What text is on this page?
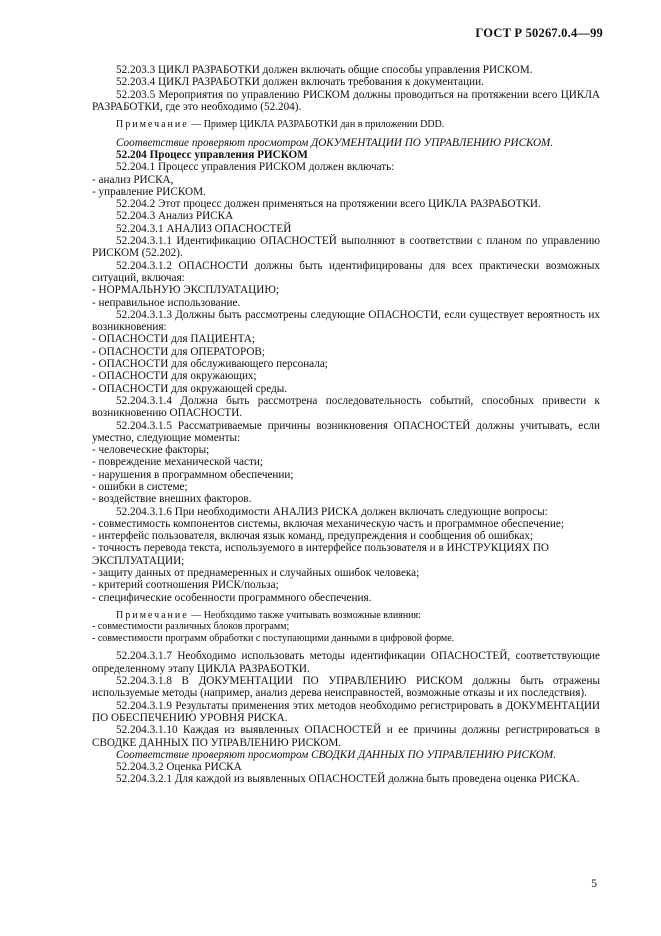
ГОСТ Р 50267.0.4—99

52.203.3 ЦИКЛ РАЗРАБОТКИ должен включать общие способы управления РИСКОМ.

52.203.4 ЦИКЛ РАЗРАБОТКИ должен включать требования к документации.

52.203.5 Мероприятия по управлению РИСКОМ должны проводиться на протяжении всего ЦИКЛА РАЗРАБОТКИ, где это необходимо (52.204).

Примечание — Пример ЦИКЛА РАЗРАБОТКИ дан в приложении DDD.

Соответствие проверяют просмотром ДОКУМЕНТАЦИИ ПО УПРАВЛЕНИЮ РИСКОМ.

52.204 Процесс управления РИСКОМ

52.204.1 Процесс управления РИСКОМ должен включать:

- анализ РИСКА,

- управление РИСКОМ.

52.204.2 Этот процесс должен применяться на протяжении всего ЦИКЛА РАЗРАБОТКИ.

52.204.3 Анализ РИСКА

52.204.3.1 АНАЛИЗ ОПАСНОСТЕЙ

52.204.3.1.1 Идентификацию ОПАСНОСТЕЙ выполняют в соответствии с планом по управлению РИСКОМ (52.202).

52.204.3.1.2 ОПАСНОСТИ должны быть идентифицированы для всех практически возможных ситуаций, включая:

- НОРМАЛЬНУЮ ЭКСПЛУАТАЦИЮ;

- неправильное использование.

52.204.3.1.3 Должны быть рассмотрены следующие ОПАСНОСТИ, если существует вероятность их возникновения:

- ОПАСНОСТИ для ПАЦИЕНТА;

- ОПАСНОСТИ для ОПЕРАТОРОВ;

- ОПАСНОСТИ для обслуживающего персонала;

- ОПАСНОСТИ для окружающих;

- ОПАСНОСТИ для окружающей среды.

52.204.3.1.4 Должна быть рассмотрена последовательность событий, способных привести к возникновению ОПАСНОСТИ.

52.204.3.1.5 Рассматриваемые причины возникновения ОПАСНОСТЕЙ должны учитывать, если уместно, следующие моменты:

- человеческие факторы;

- повреждение механической части;

- нарушения в программном обеспечении;

- ошибки в системе;

- воздействие внешних факторов.

52.204.3.1.6 При необходимости АНАЛИЗ РИСКА должен включать следующие вопросы:

- совместимость компонентов системы, включая механическую часть и программное обеспечение;

- интерфейс пользователя, включая язык команд, предупреждения и сообщения об ошибках;

- точность перевода текста, используемого в интерфейсе пользователя и в ИНСТРУКЦИЯХ ПО ЭКСПЛУАТАЦИИ;

- защиту данных от преднамеренных и случайных ошибок человека;

- критерий соотношения РИСК/польза;

- специфические особенности программного обеспечения.

Примечание — Необходимо также учитывать возможные влияния:

- совместимости различных блоков программ;

- совместимости программ обработки с поступающими данными в цифровой форме.

52.204.3.1.7 Необходимо использовать методы идентификации ОПАСНОСТЕЙ, соответствующие определенному этапу ЦИКЛА РАЗРАБОТКИ.

52.204.3.1.8 В ДОКУМЕНТАЦИИ ПО УПРАВЛЕНИЮ РИСКОМ должны быть отражены используемые методы (например, анализ дерева неисправностей, возможные отказы и их последствия).

52.204.3.1.9 Результаты применения этих методов необходимо регистрировать в ДОКУМЕНТАЦИИ ПО ОБЕСПЕЧЕНИЮ УРОВНЯ РИСКА.

52.204.3.1.10 Каждая из выявленных ОПАСНОСТЕЙ и ее причины должны регистрироваться в СВОДКЕ ДАННЫХ ПО УПРАВЛЕНИЮ РИСКОМ.

Соответствие проверяют просмотром СВОДКИ ДАННЫХ ПО УПРАВЛЕНИЮ РИСКОМ.

52.204.3.2 Оценка РИСКА

52.204.3.2.1 Для каждой из выявленных ОПАСНОСТЕЙ должна быть проведена оценка РИСКА.

5
